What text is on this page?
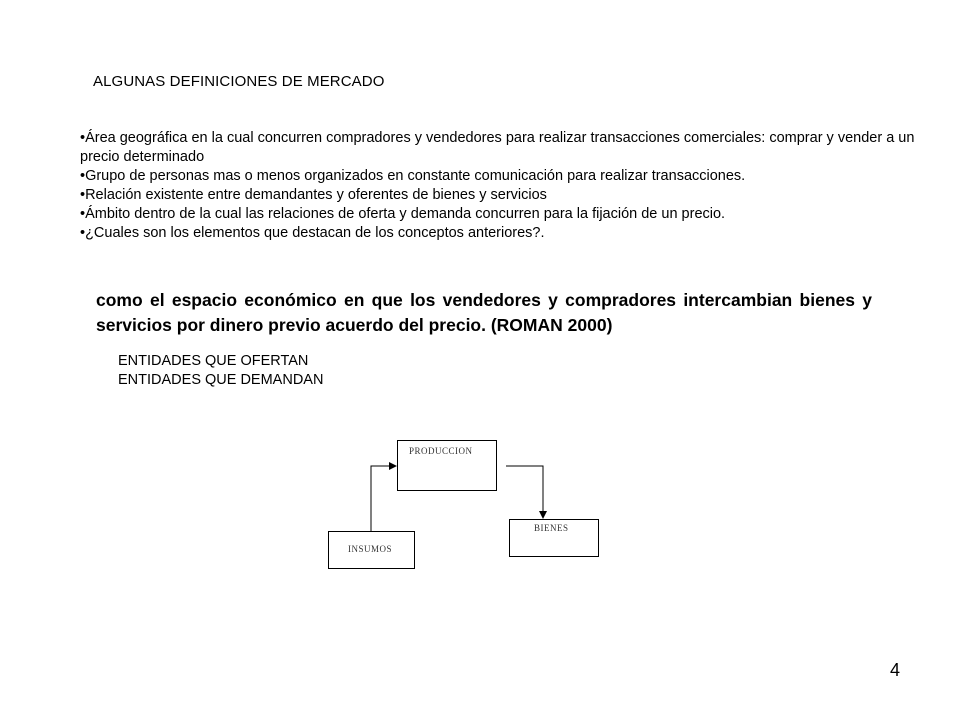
ALGUNAS DEFINICIONES DE MERCADO
•Área geográfica en la cual concurren compradores y vendedores para realizar transacciones comerciales: comprar y vender a un precio determinado
•Grupo de personas mas o menos organizados en constante comunicación para realizar transacciones.
•Relación existente entre demandantes y oferentes de bienes y servicios
•Ámbito dentro de la cual las relaciones de oferta y demanda concurren para la fijación de un precio.
•¿Cuales son los elementos que destacan de los conceptos anteriores?.
como el espacio económico en que los vendedores y compradores intercambian bienes y servicios por dinero previo acuerdo del precio. (ROMAN 2000)
ENTIDADES QUE OFERTAN
ENTIDADES QUE DEMANDAN
PRODUCCION
BIENES
INSUMOS
4
